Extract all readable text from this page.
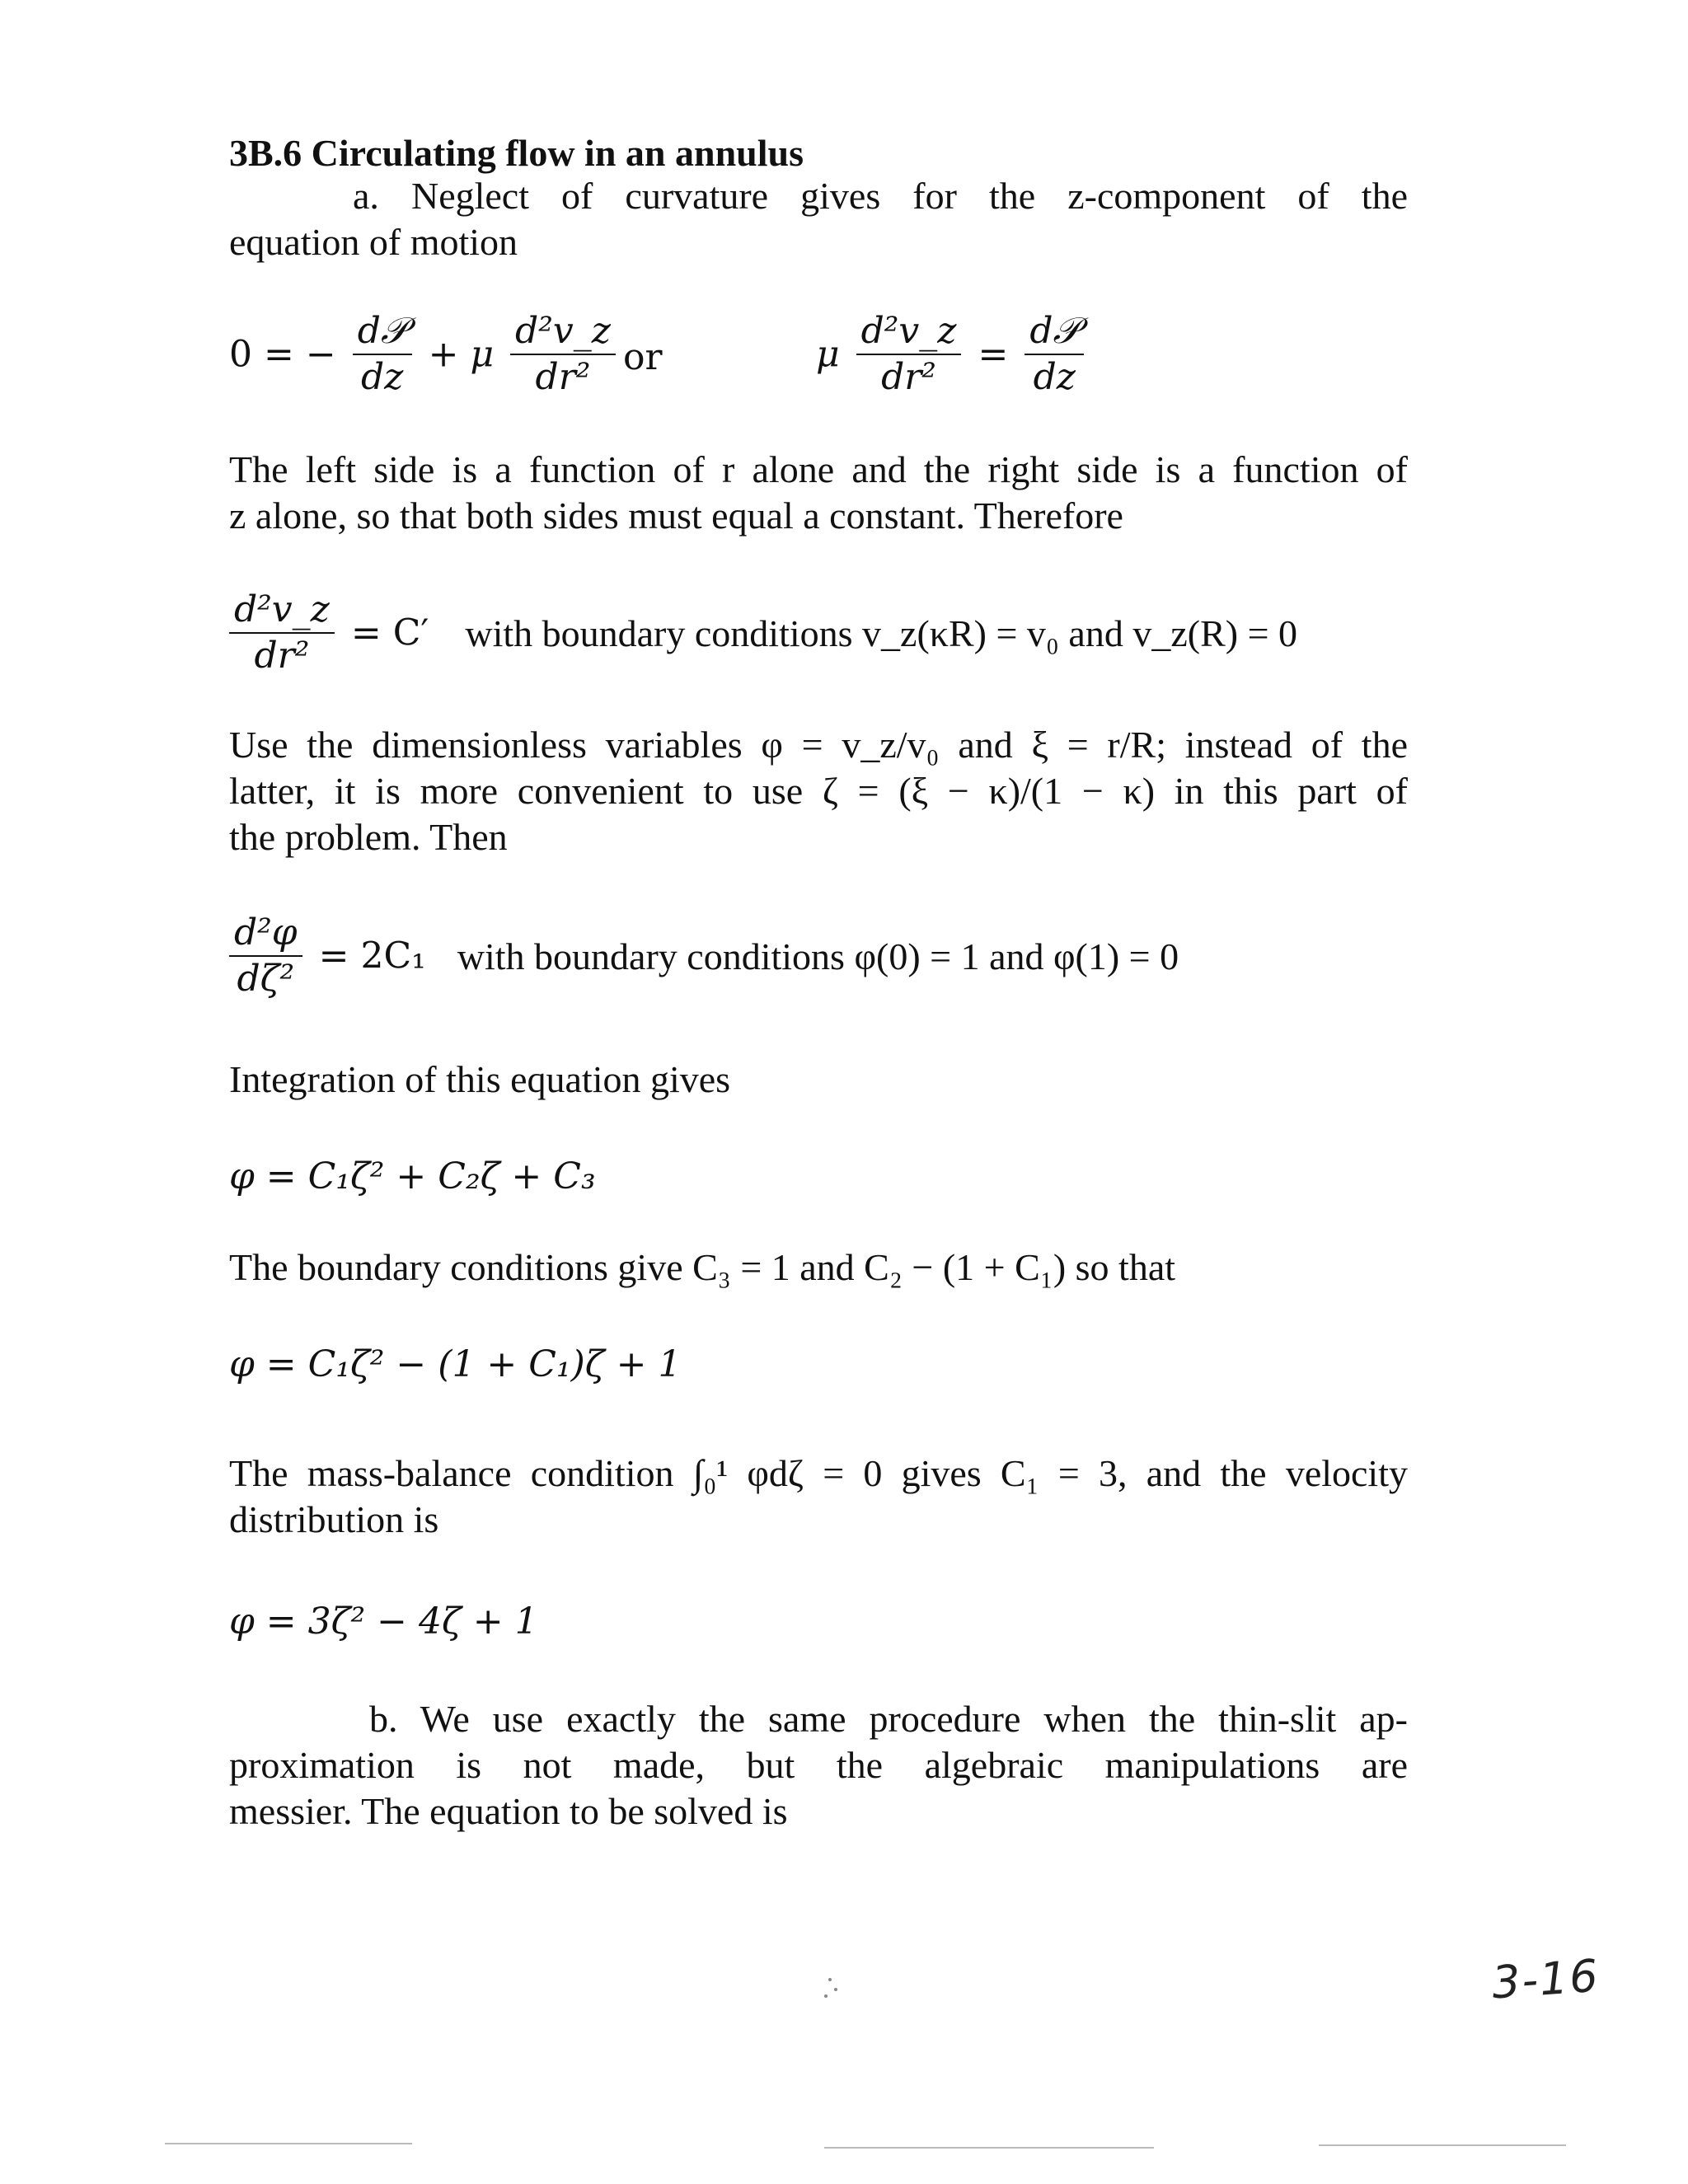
3B.6 Circulating flow in an annulus

a. Neglect of curvature gives for the z-component of the

equation of motion

0 = − $\frac{\text{d𝒫}}{dz} + \mu \frac{\text{d²v\_z}}{\text{dr²}}$ or	μ $\frac{\text{d²v\_z}}{\text{dr²}} = \frac{\text{d𝒫}}{dz}$

The left side is a function of r alone and the right side is a function of

z alone, so that both sides must equal a constant. Therefore

$\frac{\text{d²v\_z}}{\text{dr²}} = C'$ with boundary conditions v_z(κR) = v₀ and v_z(R) = 0

Use the dimensionless variables φ = v_z/v₀ and ξ = r/R; instead of the

latter, it is more convenient to use ζ = (ξ − κ)/(1 − κ) in this part of

the problem. Then

$\frac{\text{d²φ}}{\text{dζ²}} = 2C_1$ with boundary conditions φ(0) = 1 and φ(1) = 0
Integration of this equation gives
φ = C₁ζ² + C₂ζ + C₃
The boundary conditions give C₃ = 1 and C₂ − (1 + C₁) so that
φ = C₁ζ² − (1 + C₁)ζ + 1

The mass-balance condition ∫₀¹ φdζ = 0 gives C₁ = 3, and the velocity

distribution is

φ = 3ζ² − 4ζ + 1

b. We use exactly the same procedure when the thin-slit ap-

proximation is not made, but the algebraic manipulations are

messier. The equation to be solved is

3-16
